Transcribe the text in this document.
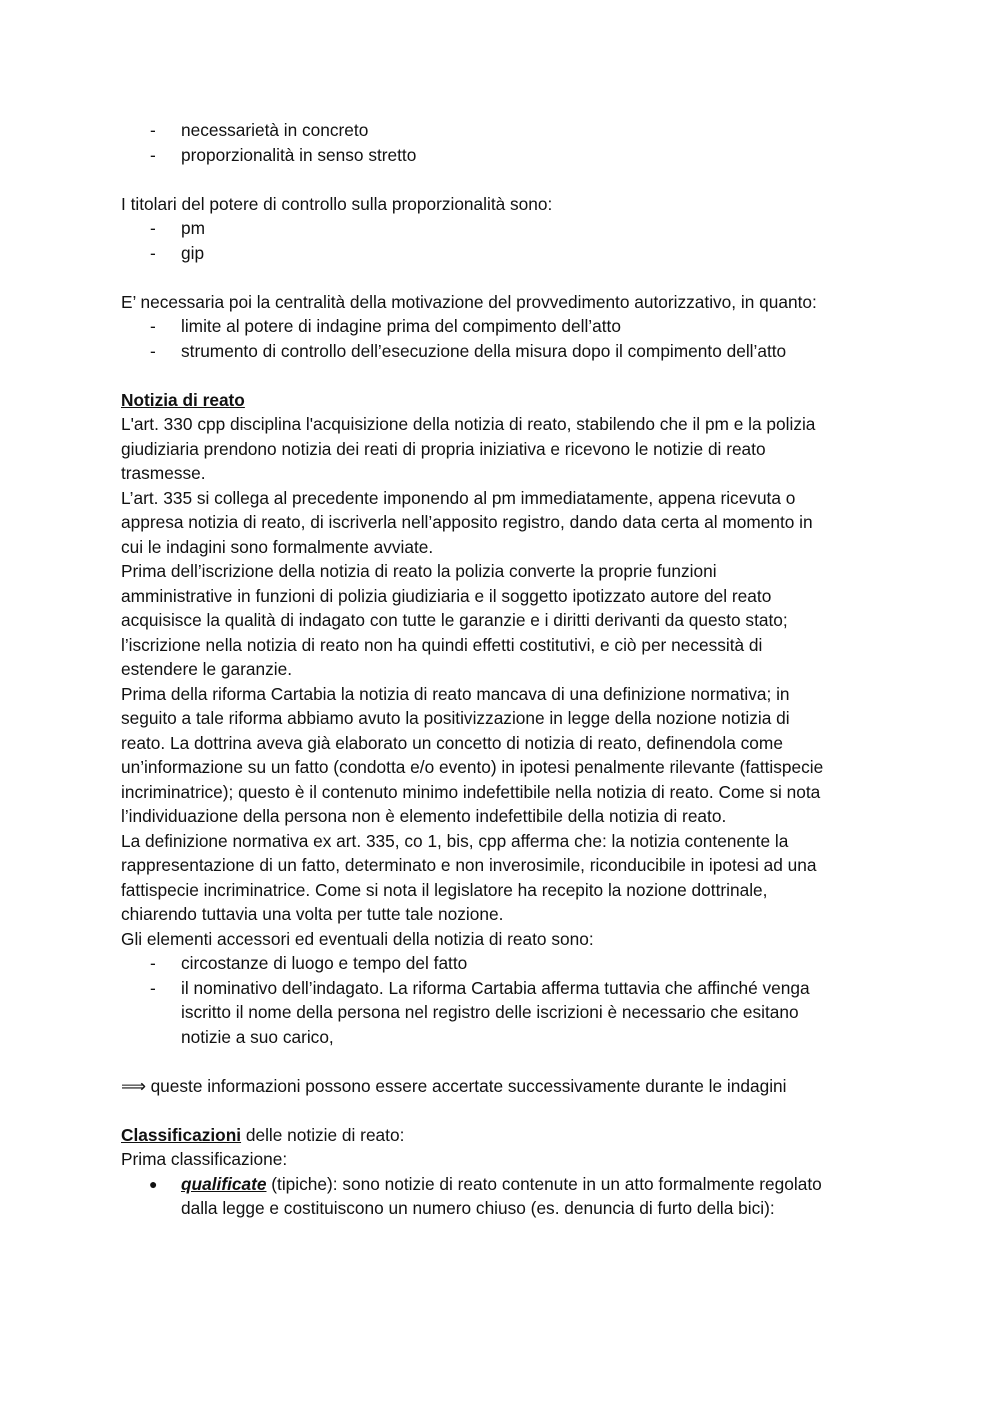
- necessarietà in concreto
- proporzionalità in senso stretto

I titolari del potere di controllo sulla proporzionalità sono:

- pm
- gip

E’ necessaria poi la centralità della motivazione del provvedimento autorizzativo, in quanto:

- limite al potere di indagine prima del compimento dell’atto
- strumento di controllo dell’esecuzione della misura dopo il compimento dell’atto

Notizia di reato

L'art. 330 cpp disciplina l'acquisizione della notizia di reato, stabilendo che il pm e la polizia
giudiziaria prendono notizia dei reati di propria iniziativa e ricevono le notizie di reato
trasmesse.
L’art. 335 si collega al precedente imponendo al pm immediatamente, appena ricevuta o
appresa notizia di reato, di iscriverla nell’apposito registro, dando data certa al momento in
cui le indagini sono formalmente avviate.
Prima dell’iscrizione della notizia di reato la polizia converte la proprie funzioni
amministrative in funzioni di polizia giudiziaria e il soggetto ipotizzato autore del reato
acquisisce la qualità di indagato con tutte le garanzie e i diritti derivanti da questo stato;
l’iscrizione nella notizia di reato non ha quindi effetti costitutivi, e ciò per necessità di
estendere le garanzie.
Prima della riforma Cartabia la notizia di reato mancava di una definizione normativa; in
seguito a tale riforma abbiamo avuto la positivizzazione in legge della nozione notizia di
reato. La dottrina aveva già elaborato un concetto di notizia di reato, definendola come
un’informazione su un fatto (condotta e/o evento) in ipotesi penalmente rilevante (fattispecie
incriminatrice); questo è il contenuto minimo indefettibile nella notizia di reato. Come si nota
l’individuazione della persona non è elemento indefettibile della notizia di reato.
La definizione normativa ex art. 335, co 1, bis, cpp afferma che: la notizia contenente la
rappresentazione di un fatto, determinato e non inverosimile, riconducibile in ipotesi ad una
fattispecie incriminatrice. Come si nota il legislatore ha recepito la nozione dottrinale,
chiarendo tuttavia una volta per tutte tale nozione.
Gli elementi accessori ed eventuali della notizia di reato sono:
- circostanze di luogo e tempo del fatto
- il nominativo dell’indagato. La riforma Cartabia afferma tuttavia che affinché venga
iscritto il nome della persona nel registro delle iscrizioni è necessario che esitano
notizie a suo carico,

⟹ queste informazioni possono essere accertate successivamente durante le indagini

Classificazioni delle notizie di reato:

Prima classificazione:

● qualificate (tipiche): sono notizie di reato contenute in un atto formalmente regolato
dalla legge e costituiscono un numero chiuso (es. denuncia di furto della bici):
